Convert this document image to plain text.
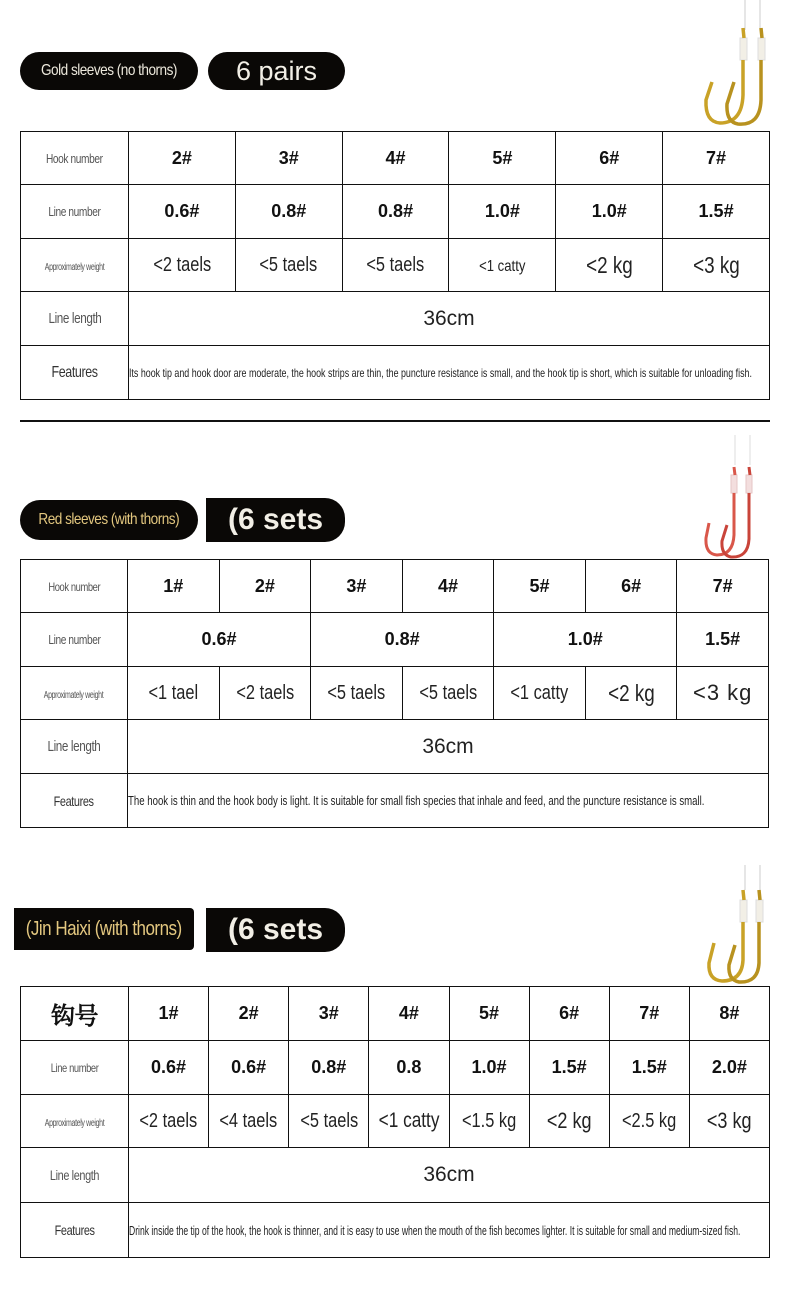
Gold sleeves (no thorns) 6 pairs
Hook number	2#	3#	4#	5#	6#	7#
Line number	0.6#	0.8#	0.8#	1.0#	1.0#	1.5#
Approximately weight	<2 taels	<5 taels	<5 taels	<1 catty	<2 kg	<3 kg
Line length	36cm					
Features	Its hook tip and hook door are moderate, the hook strips are thin, the puncture resistance is small, and the hook tip is short, which is suitable for unloading fish.					
Red sleeves (with thorns) (6 sets
Hook number	1#	2#	3#	4#	5#	6#	7#
Line number	0.6#		0.8#		1.0#		1.5#
Approximately weight	<1 tael	<2 taels	<5 taels	<5 taels	<1 catty	<2 kg	<3 kg
Line length	36cm						
Features	The hook is thin and the hook body is light. It is suitable for small fish species that inhale and feed, and the puncture resistance is small.						
(Jin Haixi (with thorns) (6 sets
钩号	1#	2#	3#	4#	5#	6#	7#	8#
Line number	0.6#	0.6#	0.8#	0.8	1.0#	1.5#	1.5#	2.0#
Approximately weight	<2 taels	<4 taels	<5 taels	<1 catty	<1.5 kg	<2 kg	<2.5 kg	<3 kg
Line length	36cm							
Features	Drink inside the tip of the hook, the hook is thinner, and it is easy to use when the mouth of the fish becomes lighter. It is suitable for small and medium-sized fish.							
